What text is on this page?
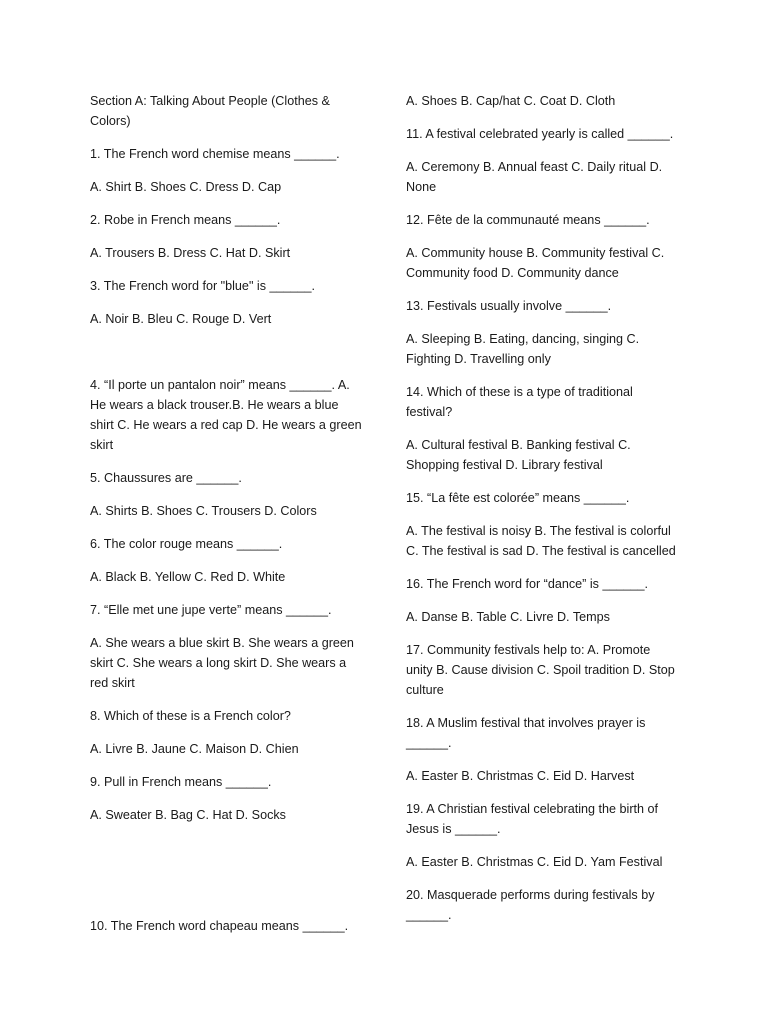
Section A: Talking About People (Clothes & Colors)

1. The French word chemise means ______.

A. Shirt B. Shoes C. Dress D. Cap

2. Robe in French means ______.

A. Trousers B. Dress C. Hat D. Skirt

3. The French word for "blue" is ______.

A. Noir B. Bleu C. Rouge D. Vert

4. “Il porte un pantalon noir” means ______. A. He wears a black trouser.B. He wears a blue shirt C. He wears a red cap D. He wears a green skirt

5. Chaussures are ______.

A. Shirts B. Shoes C. Trousers D. Colors

6. The color rouge means ______.

A. Black B. Yellow C. Red D. White

7. “Elle met une jupe verte” means ______.

A. She wears a blue skirt B. She wears a green skirt C. She wears a long skirt D. She wears a red skirt

8. Which of these is a French color?

A. Livre B. Jaune C. Maison D. Chien

9. Pull in French means ______.

A. Sweater B. Bag C. Hat D. Socks

10. The French word chapeau means ______.

A. Shoes B. Cap/hat C. Coat D. Cloth

11. A festival celebrated yearly is called ______.

A. Ceremony B. Annual feast C. Daily ritual D. None

12. Fête de la communauté means ______.

A. Community house B. Community festival C. Community food D. Community dance

13. Festivals usually involve ______.

A. Sleeping B. Eating, dancing, singing C. Fighting D. Travelling only

14. Which of these is a type of traditional festival?

A. Cultural festival B. Banking festival C. Shopping festival D. Library festival

15. “La fête est colorée” means ______.

A. The festival is noisy B. The festival is colorful C. The festival is sad D. The festival is cancelled

16. The French word for “dance” is ______.

A. Danse B. Table C. Livre D. Temps

17. Community festivals help to: A. Promote unity B. Cause division C. Spoil tradition D. Stop culture

18. A Muslim festival that involves prayer is ______.

A. Easter B. Christmas C. Eid D. Harvest

19. A Christian festival celebrating the birth of Jesus is ______.

A. Easter B. Christmas C. Eid D. Yam Festival

20. Masquerade performs during festivals by ______.
